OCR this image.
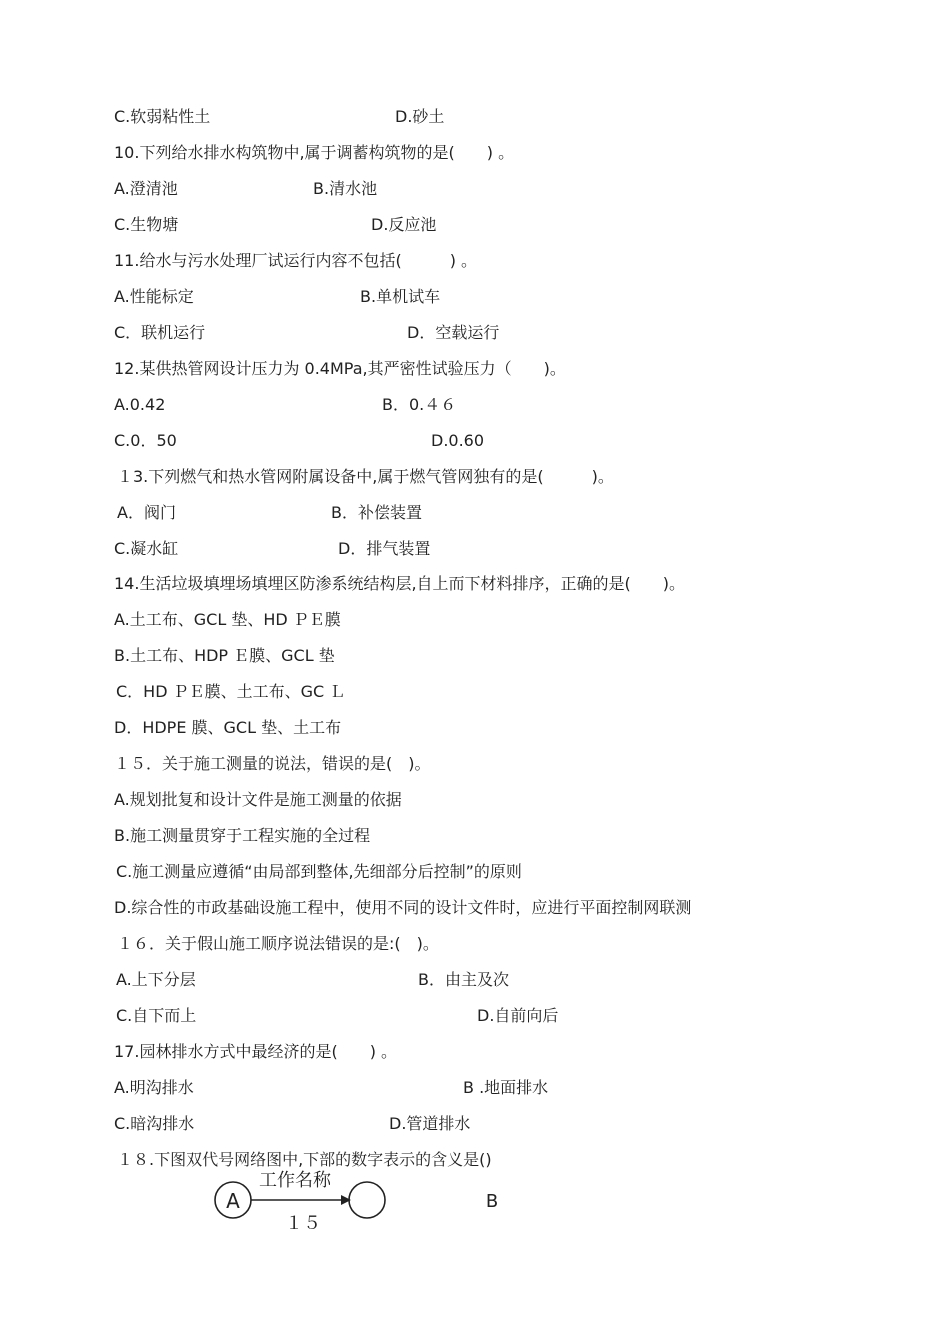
C.软弱粘性土	D.砂土
10.下列给水排水构筑物中,属于调蓄构筑物的是(　　) 。
A.澄清池	B.清水池
C.生物塘	D.反应池
11.给水与污水处理厂试运行内容不包括(　　　) 。
A.性能标定	B.单机试车
C．联机运行	D．空载运行
12.某供热管网设计压力为 0.4MPa,其严密性试验压力（　　)。
A.0.42	B．0.４６
C.0．50	D.0.60
１3.下列燃气和热水管网附属设备中,属于燃气管网独有的是(　　　)。
A．阀门	B．补偿装置
C.凝水缸	D．排气装置
14.生活垃圾填埋场填埋区防渗系统结构层,自上而下材料排序，正确的是(　　)。
A.土工布、GCL 垫、HD ＰＥ膜
B.土工布、HDP Ｅ膜、GCL 垫
C．HD ＰＥ膜、土工布、GC Ｌ
D．HDPE 膜、GCL 垫、土工布
１５．关于施工测量的说法，错误的是(　)。
A.规划批复和设计文件是施工测量的依据
B.施工测量贯穿于工程实施的全过程
C.施工测量应遵循“由局部到整体,先细部分后控制”的原则
D.综合性的市政基础设施工程中，使用不同的设计文件时，应进行平面控制网联测
１６．关于假山施工顺序说法错误的是:(　)。
A.上下分层	B．由主及次
C.自下而上	D.自前向后
17.园林排水方式中最经济的是(　　) 。
A.明沟排水	B .地面排水
C.暗沟排水	D.管道排水
１８.下图双代号网络图中,下部的数字表示的含义是()
A
工作名称
１５
B
